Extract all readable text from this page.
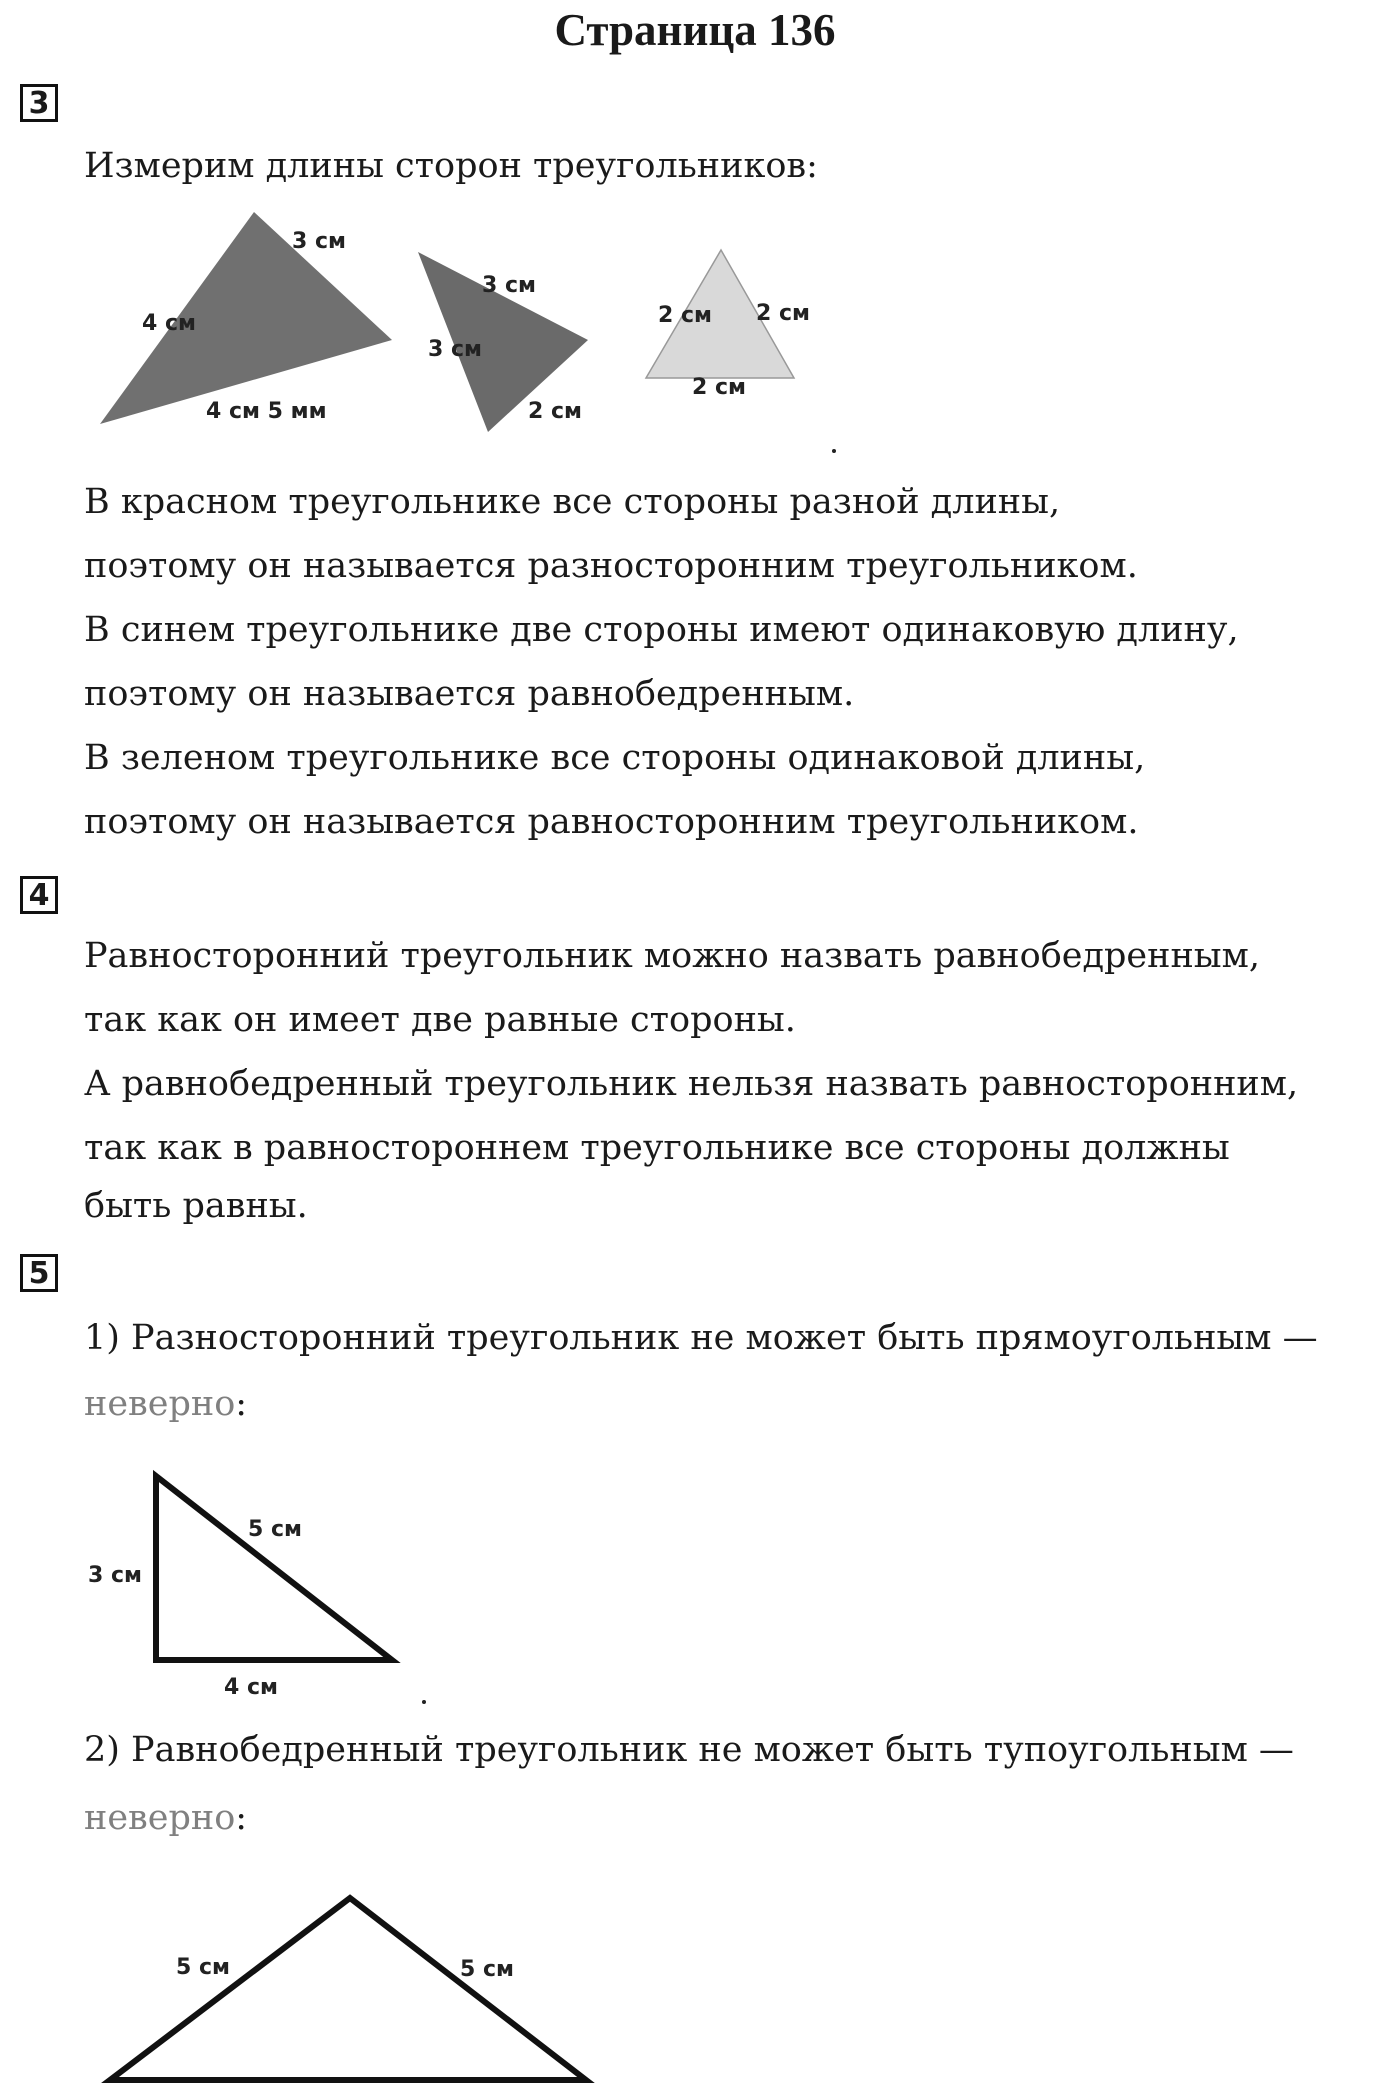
Страница 136
3
Измерим длины сторон треугольников:
4 см
3 см
4 см 5 мм
3 см
3 см
2 см
2 см 2 см
2 см
В красном треугольнике все стороны разной длины,
поэтому он называется разносторонним треугольником.
В синем треугольнике две стороны имеют одинаковую длину,
поэтому он называется равнобедренным.
В зеленом треугольнике все стороны одинаковой длины,
поэтому он называется равносторонним треугольником.
4
Равносторонний треугольник можно назвать равнобедренным,
так как он имеет две равные стороны.
А равнобедренный треугольник нельзя назвать равносторонним,
так как в равностороннем треугольнике все стороны должны
быть равны.
5
1) Разносторонний треугольник не может быть прямоугольным —
неверно:
3 см
5 см
4 см
2) Равнобедренный треугольник не может быть тупоугольным —
неверно:
5 см	5 см
